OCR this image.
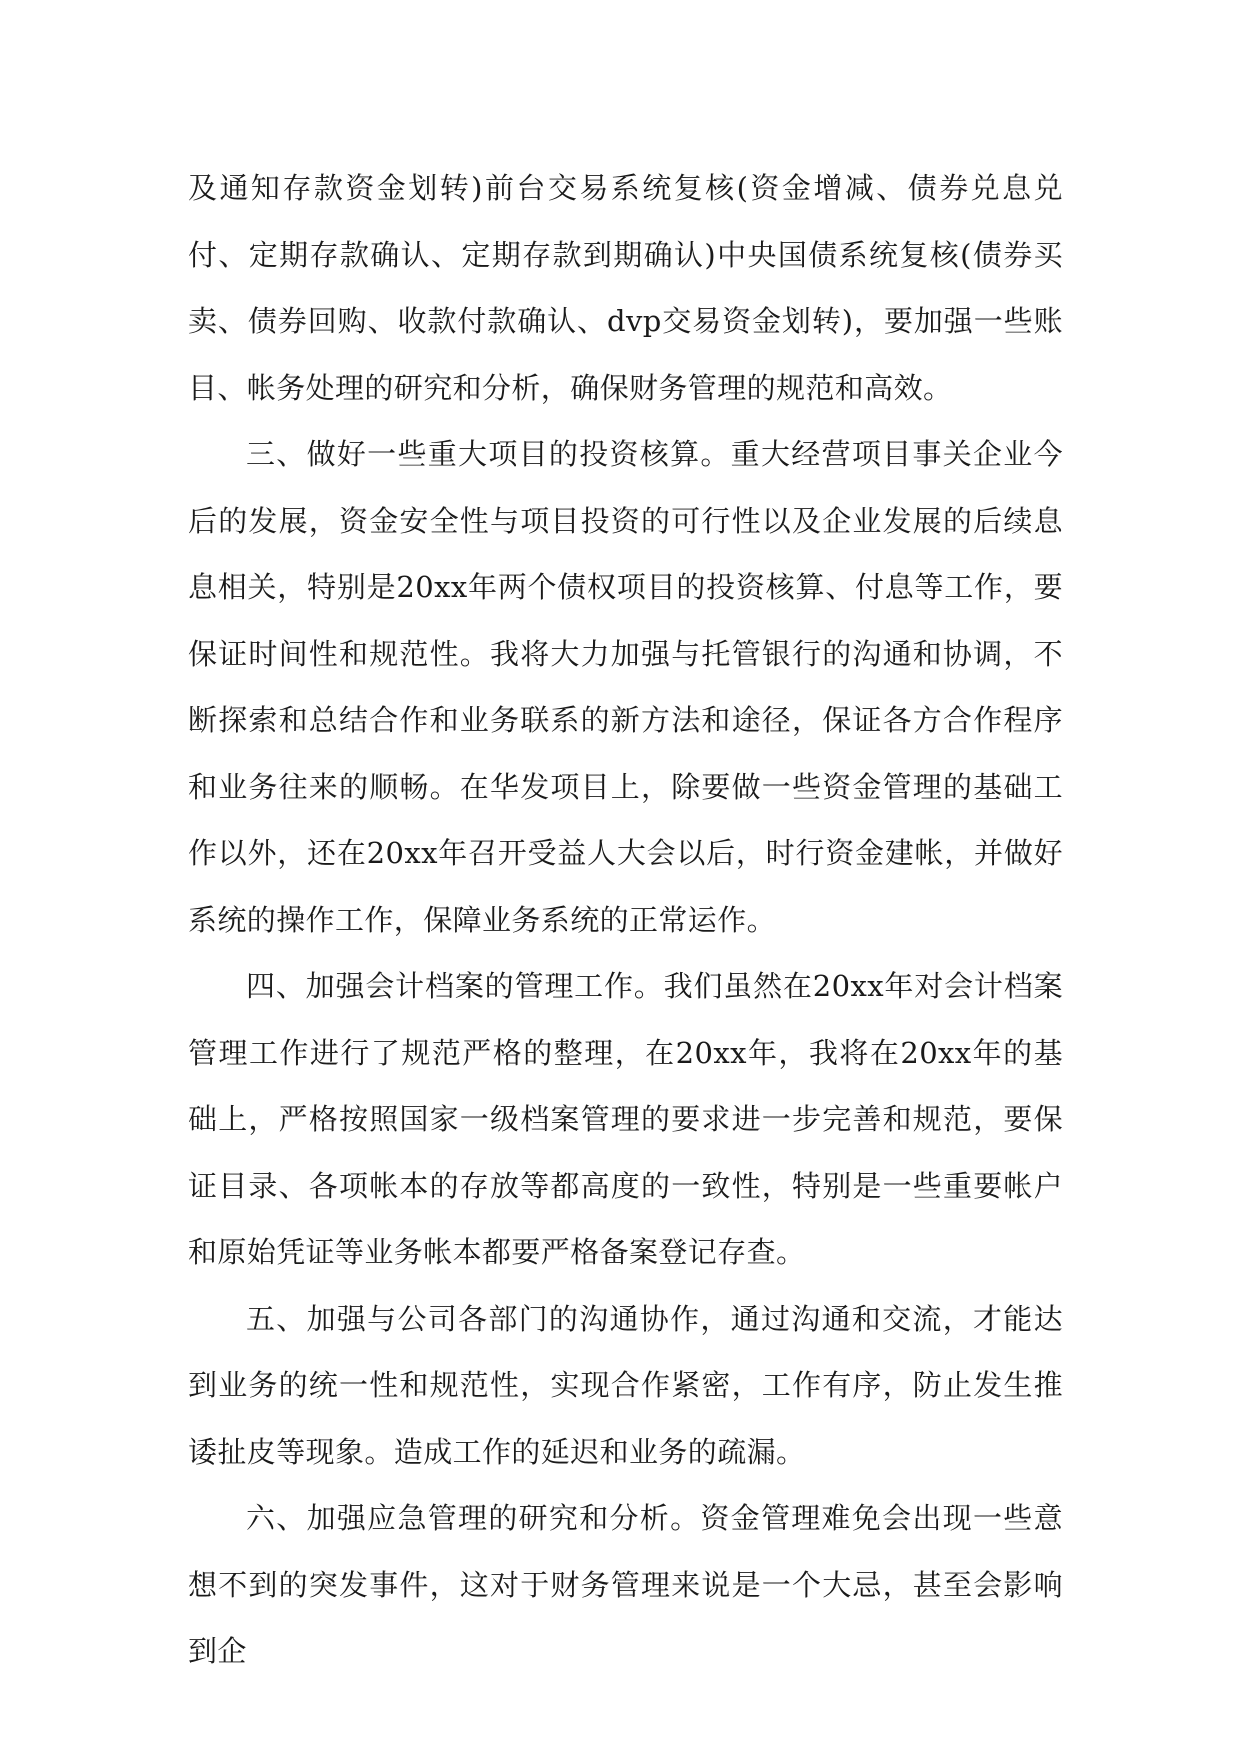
及通知存款资金划转)前台交易系统复核(资金增减、债券兑息兑付、定期存款确认、定期存款到期确认)中央国债系统复核(债券买卖、债券回购、收款付款确认、dvp交易资金划转)，要加强一些账目、帐务处理的研究和分析，确保财务管理的规范和高效。

三、做好一些重大项目的投资核算。重大经营项目事关企业今后的发展，资金安全性与项目投资的可行性以及企业发展的后续息息相关，特别是20xx年两个债权项目的投资核算、付息等工作，要保证时间性和规范性。我将大力加强与托管银行的沟通和协调，不断探索和总结合作和业务联系的新方法和途径，保证各方合作程序和业务往来的顺畅。在华发项目上，除要做一些资金管理的基础工作以外，还在20xx年召开受益人大会以后，时行资金建帐，并做好系统的操作工作，保障业务系统的正常运作。

四、加强会计档案的管理工作。我们虽然在20xx年对会计档案管理工作进行了规范严格的整理，在20xx年，我将在20xx年的基础上，严格按照国家一级档案管理的要求进一步完善和规范，要保证目录、各项帐本的存放等都高度的一致性，特别是一些重要帐户和原始凭证等业务帐本都要严格备案登记存查。

五、加强与公司各部门的沟通协作，通过沟通和交流，才能达到业务的统一性和规范性，实现合作紧密，工作有序，防止发生推诿扯皮等现象。造成工作的延迟和业务的疏漏。

六、加强应急管理的研究和分析。资金管理难免会出现一些意想不到的突发事件，这对于财务管理来说是一个大忌，甚至会影响到企
